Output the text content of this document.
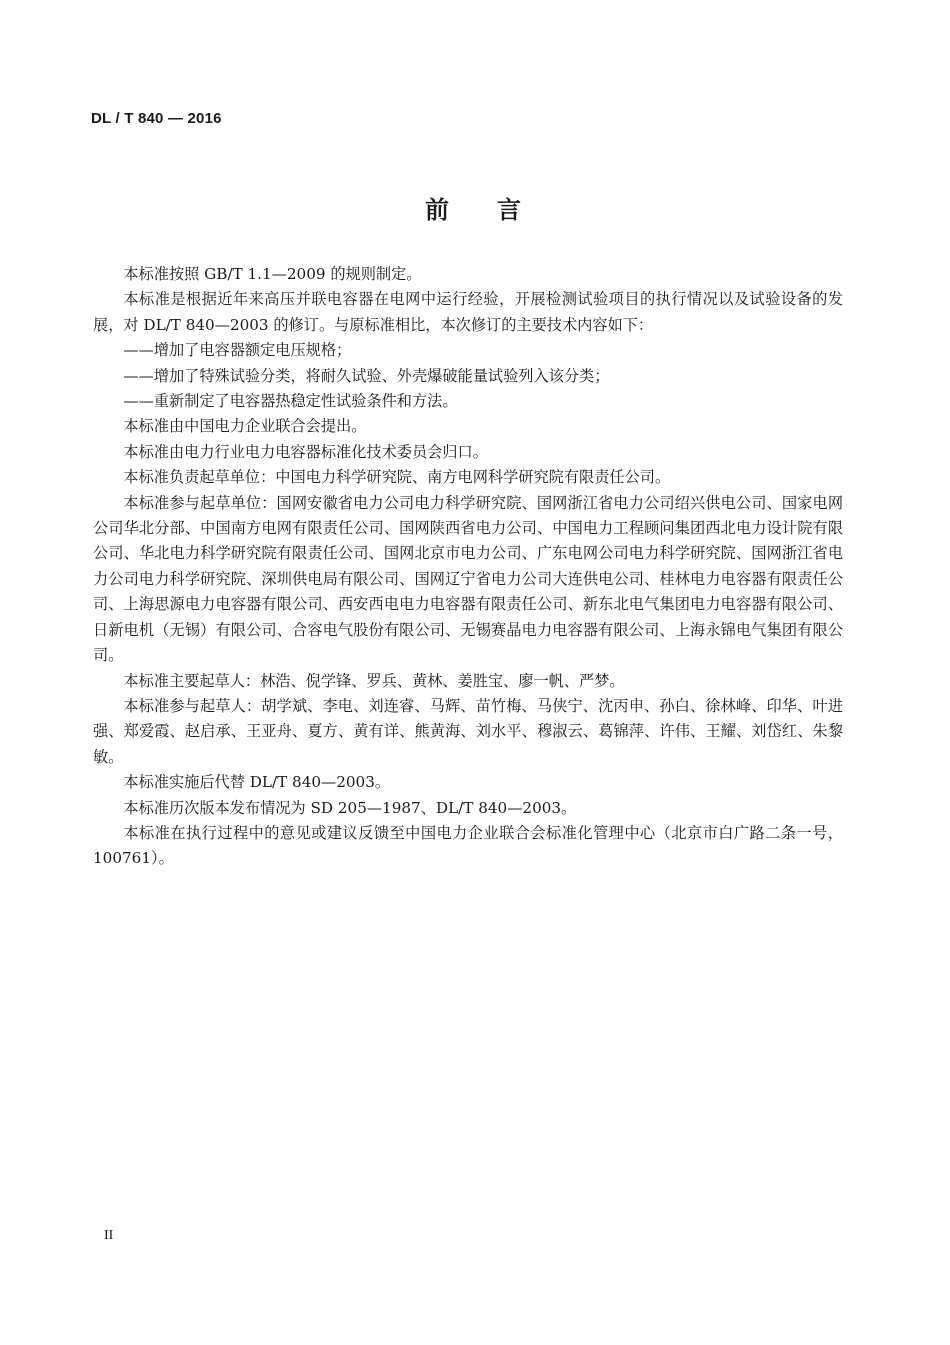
DL / T 840 — 2016
前 言

本标准按照 GB/T 1.1—2009 的规则制定。

本标准是根据近年来高压并联电容器在电网中运行经验，开展检测试验项目的执行情况以及试验设备的发展，对 DL/T 840—2003 的修订。与原标准相比，本次修订的主要技术内容如下：

——增加了电容器额定电压规格；

——增加了特殊试验分类，将耐久试验、外壳爆破能量试验列入该分类；

——重新制定了电容器热稳定性试验条件和方法。

本标准由中国电力企业联合会提出。

本标准由电力行业电力电容器标准化技术委员会归口。

本标准负责起草单位：中国电力科学研究院、南方电网科学研究院有限责任公司。

本标准参与起草单位：国网安徽省电力公司电力科学研究院、国网浙江省电力公司绍兴供电公司、国家电网公司华北分部、中国南方电网有限责任公司、国网陕西省电力公司、中国电力工程顾问集团西北电力设计院有限公司、华北电力科学研究院有限责任公司、国网北京市电力公司、广东电网公司电力科学研究院、国网浙江省电力公司电力科学研究院、深圳供电局有限公司、国网辽宁省电力公司大连供电公司、桂林电力电容器有限责任公司、上海思源电力电容器有限公司、西安西电电力电容器有限责任公司、新东北电气集团电力电容器有限公司、日新电机（无锡）有限公司、合容电气股份有限公司、无锡赛晶电力电容器有限公司、上海永锦电气集团有限公司。

本标准主要起草人：林浩、倪学锋、罗兵、黄林、姜胜宝、廖一帆、严梦。

本标准参与起草人：胡学斌、李电、刘连睿、马辉、苗竹梅、马侠宁、沈丙申、孙白、徐林峰、印华、叶进强、郑爱霞、赵启承、王亚舟、夏方、黄有详、熊黄海、刘水平、穆淑云、葛锦萍、许伟、王耀、刘岱红、朱黎敏。

本标准实施后代替 DL/T 840—2003。

本标准历次版本发布情况为 SD 205—1987、DL/T 840—2003。

本标准在执行过程中的意见或建议反馈至中国电力企业联合会标准化管理中心（北京市白广路二条一号，100761）。

II
